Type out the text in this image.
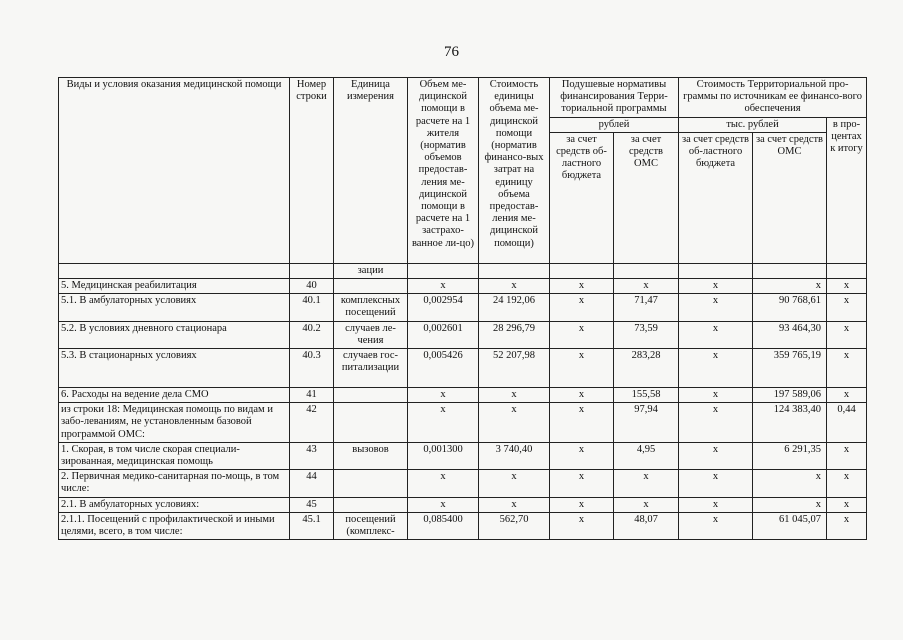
76
Виды и условия оказания медицинской помощи	Номер строки	Единица измерения	Объем ме-дицинской помощи в расчете на 1 жителя (норматив объемов предостав-ления ме-дицинской помощи в расчете на 1 застрахо-ванное ли-цо)	Стоимость единицы объема ме-дицинской помощи (норматив финансо-вых затрат на единицу объема предостав-ления ме-дицинской помощи)	Подушевые нормативы финансирования Терри-ториальной программы		Стоимость Территориальной про-граммы по источникам ее финансо-вого обеспечения		
					рублей		тыс. рублей		в про-центах к итогу
					за счет средств об-ластного бюджета	за счет средств ОМС	за счет средств об-ластного бюджета	за счет средств ОМС	
		зации							
5. Медицинская реабилитация	40		х	х	х	х	х	х	х
5.1. В амбулаторных условиях	40.1	комплексных посещений	0,002954	24 192,06	х	71,47	х	90 768,61	х
5.2. В условиях дневного стационара	40.2	случаев ле-чения	0,002601	28 296,79	х	73,59	х	93 464,30	х
5.3. В стационарных условиях	40.3	случаев гос-питализации	0,005426	52 207,98	х	283,28	х	359 765,19	х
6. Расходы на ведение дела СМО	41		х	х	х	155,58	х	197 589,06	х
из строки 18: Медицинская помощь по видам и забо-леваниям, не установленным базовой программой ОМС:	42		х	х	х	97,94	х	124 383,40	0,44
1. Скорая, в том числе скорая специали-зированная, медицинская помощь	43	вызовов	0,001300	3 740,40	х	4,95	х	6 291,35	х
2. Первичная медико-санитарная по-мощь, в том числе:	44		х	х	х	х	х	х	х
2.1. В амбулаторных условиях:	45		х	х	х	х	х	х	х
2.1.1. Посещений с профилактической и иными целями, всего, в том числе:	45.1	посещений (комплекс-	0,085400	562,70	х	48,07	х	61 045,07	х
